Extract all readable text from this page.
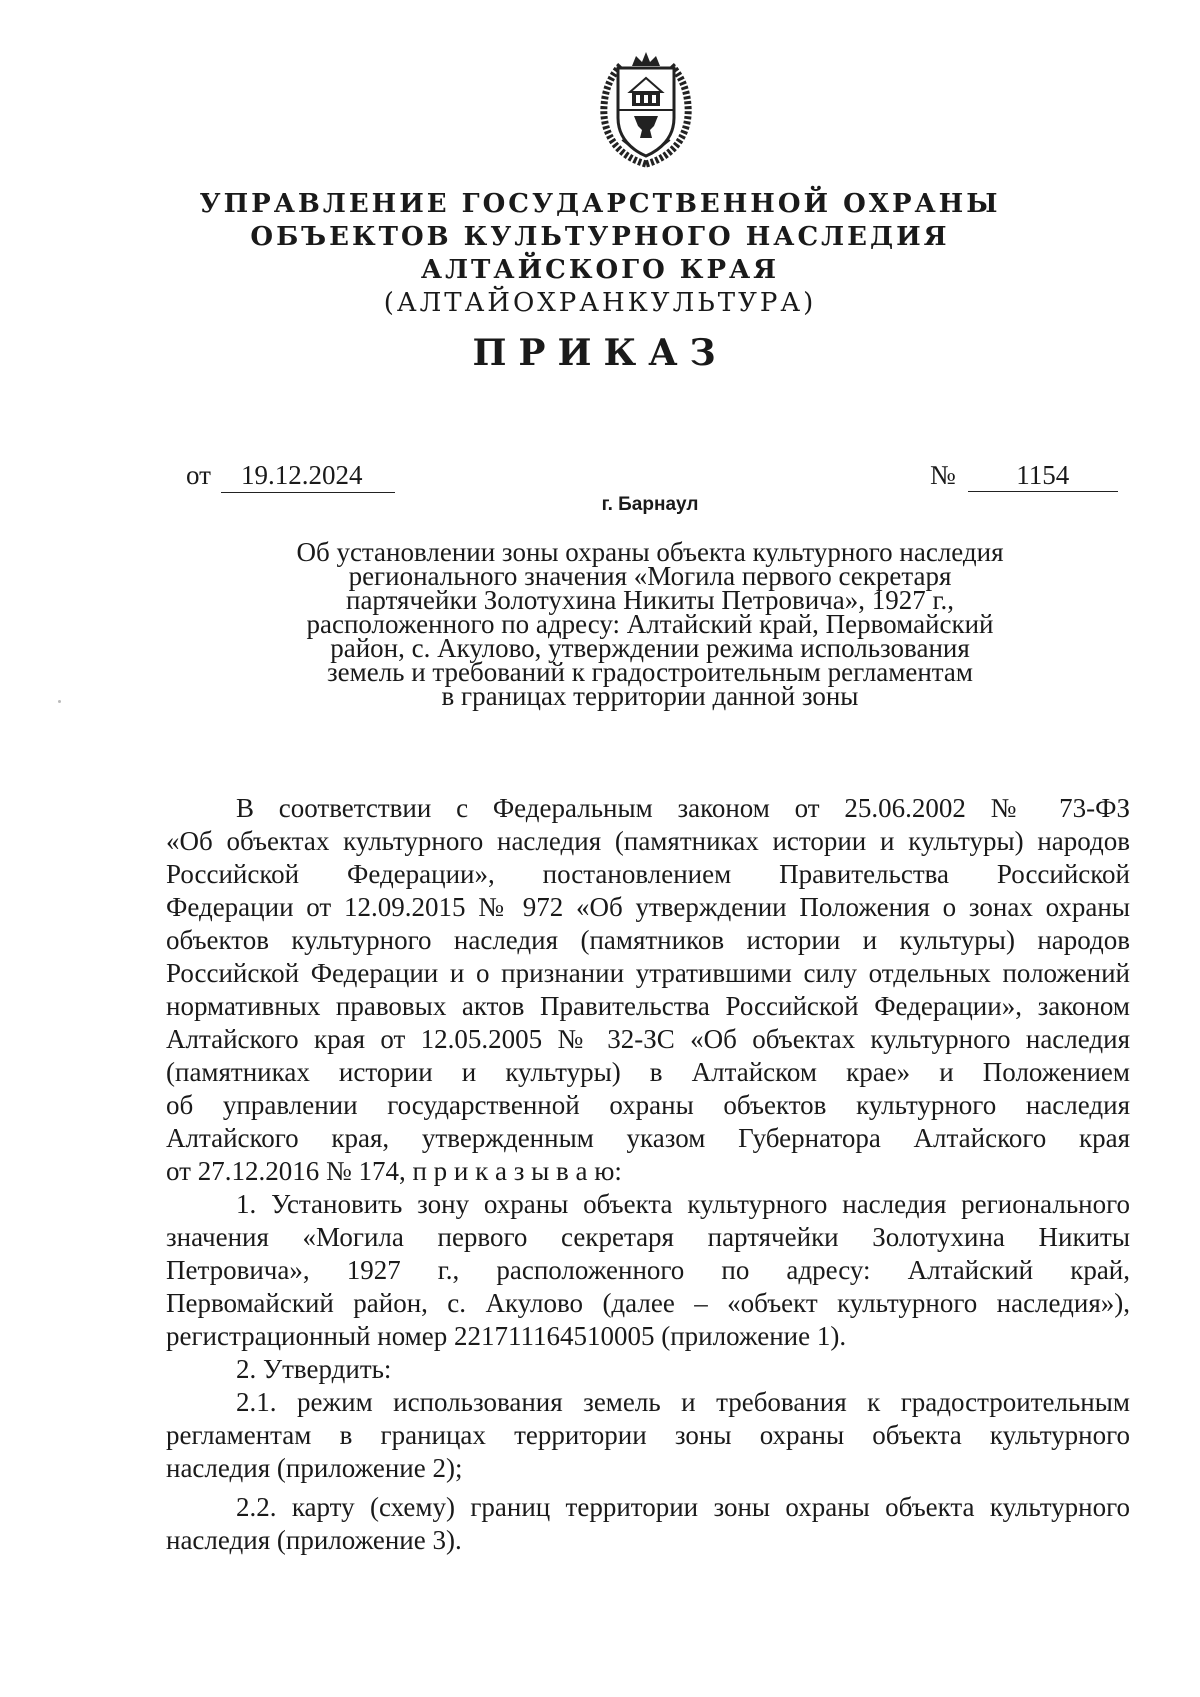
УПРАВЛЕНИЕ ГОСУДАРСТВЕННОЙ ОХРАНЫ
ОБЪЕКТОВ КУЛЬТУРНОГО НАСЛЕДИЯ
АЛТАЙСКОГО КРАЯ
(АЛТАЙОХРАНКУЛЬТУРА)
ПРИКАЗ
от 19.12.2024	№ 1154
г. Барнаул
Об установлении зоны охраны объекта культурного наследия
регионального значения «Могила первого секретаря
партячейки Золотухина Никиты Петровича», 1927 г.,
расположенного по адресу: Алтайский край, Первомайский
район, с. Акулово, утверждении режима использования
земель и требований к градостроительным регламентам
в границах территории данной зоны
В соответствии с Федеральным законом от 25.06.2002 № 73-ФЗ
«Об объектах культурного наследия (памятниках истории и культуры) народов
Российской Федерации», постановлением Правительства Российской
Федерации от 12.09.2015 № 972 «Об утверждении Положения о зонах охраны
объектов культурного наследия (памятников истории и культуры) народов
Российской Федерации и о признании утратившими силу отдельных положений
нормативных правовых актов Правительства Российской Федерации», законом
Алтайского края от 12.05.2005 № 32-ЗС «Об объектах культурного наследия
(памятниках истории и культуры) в Алтайском крае» и Положением
об управлении государственной охраны объектов культурного наследия
Алтайского края, утвержденным указом Губернатора Алтайского края
от 27.12.2016 № 174, п р и к а з ы в а ю:
1. Установить зону охраны объекта культурного наследия регионального
значения «Могила первого секретаря партячейки Золотухина Никиты
Петровича», 1927 г., расположенного по адресу: Алтайский край,
Первомайский район, с. Акулово (далее – «объект культурного наследия»),
регистрационный номер 221711164510005 (приложение 1).
2. Утвердить:
2.1. режим использования земель и требования к градостроительным
регламентам в границах территории зоны охраны объекта культурного
наследия (приложение 2);
2.2. карту (схему) границ территории зоны охраны объекта культурного
наследия (приложение 3).
